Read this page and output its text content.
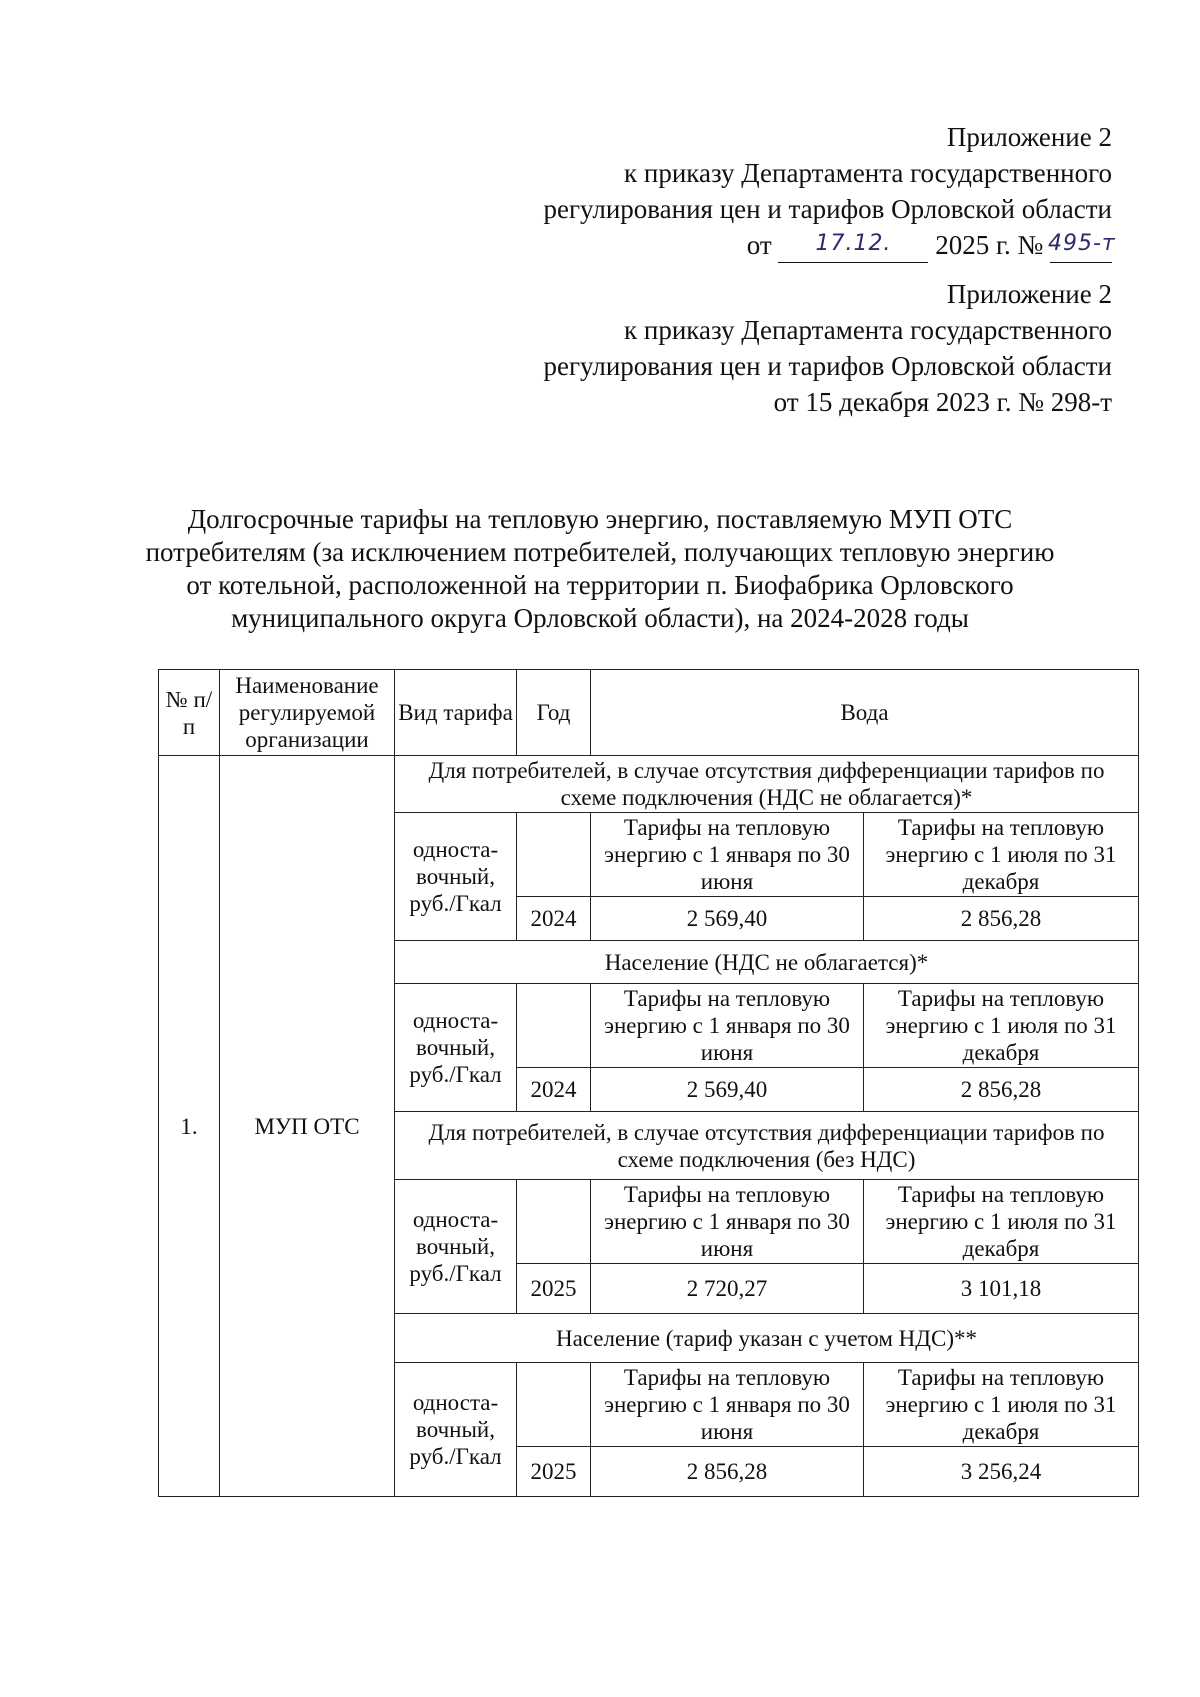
Приложение 2
к приказу Департамента государственного
регулирования цен и тарифов Орловской области
от	17.12.	2025 г. № 495-т
Приложение 2
к приказу Департамента государственного
регулирования цен и тарифов Орловской области
от 15 декабря 2023 г. № 298-т
Долгосрочные тарифы на тепловую энергию, поставляемую МУП ОТС
потребителям (за исключением потребителей, получающих тепловую энергию
от котельной, расположенной на территории п. Биофабрика Орловского
муниципального округа Орловской области), на 2024-2028 годы
№ п/п	Наименование регулируемой организации	Вид тарифа	Год	Вода	
1.	МУП ОТС	Для потребителей, в случае отсутствия дифференциации тарифов по схеме подключения (НДС не облагается)*			
		односта-вочный, руб./Гкал		Тарифы на тепловую энергию с 1 января по 30 июня	Тарифы на тепловую энергию с 1 июля по 31 декабря
			2024	2 569,40	2 856,28
		Население (НДС не облагается)*			
		односта-вочный, руб./Гкал		Тарифы на тепловую энергию с 1 января по 30 июня	Тарифы на тепловую энергию с 1 июля по 31 декабря
			2024	2 569,40	2 856,28
		Для потребителей, в случае отсутствия дифференциации тарифов по схеме подключения (без НДС)			
		односта-вочный, руб./Гкал		Тарифы на тепловую энергию с 1 января по 30 июня	Тарифы на тепловую энергию с 1 июля по 31 декабря
			2025	2 720,27	3 101,18
		Население (тариф указан с учетом НДС)**			
		односта-вочный, руб./Гкал		Тарифы на тепловую энергию с 1 января по 30 июня	Тарифы на тепловую энергию с 1 июля по 31 декабря
			2025	2 856,28	3 256,24
